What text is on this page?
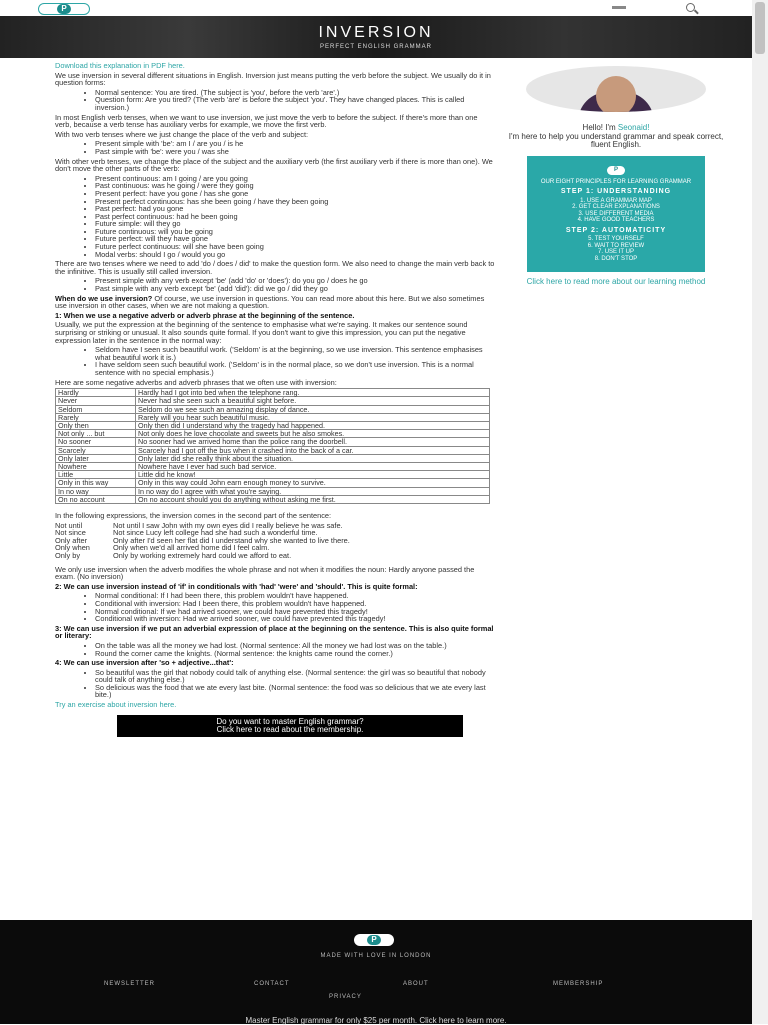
P
INVERSION
PERFECT ENGLISH GRAMMAR

Download this explanation in PDF here.

We use inversion in several different situations in English. Inversion just means putting the verb before the subject. We usually do it in question forms:

• Normal sentence: You are tired. (The subject is 'you', before the verb 'are'.)
• Question form: Are you tired? (The verb 'are' is before the subject 'you'. They have changed places. This is called inversion.)

In most English verb tenses, when we want to use inversion, we just move the verb to before the subject. If there's more than one verb, because a verb tense has auxiliary verbs for example, we move the first verb.

With two verb tenses where we just change the place of the verb and subject:

• Present simple with 'be': am I / are you / is he
• Past simple with 'be': were you / was she

With other verb tenses, we change the place of the subject and the auxiliary verb (the first auxiliary verb if there is more than one). We don't move the other parts of the verb:

• Present continuous: am I going / are you going
• Past continuous: was he going / were they going
• Present perfect: have you gone / has she gone
• Present perfect continuous: has she been going / have they been going
• Past perfect: had you gone
• Past perfect continuous: had he been going
• Future simple: will they go
• Future continuous: will you be going
• Future perfect: will they have gone
• Future perfect continuous: will she have been going
• Modal verbs: should I go / would you go

There are two tenses where we need to add 'do / does / did' to make the question form. We also need to change the main verb back to the infinitive. This is usually still called inversion.

• Present simple with any verb except 'be' (add 'do' or 'does'): do you go / does he go
• Past simple with any verb except 'be' (add 'did'): did we go / did they go

When do we use inversion? Of course, we use inversion in questions. You can read more about this here. But we also sometimes use inversion in other cases, when we are not making a question.

1: When we use a negative adverb or adverb phrase at the beginning of the sentence.

Usually, we put the expression at the beginning of the sentence to emphasise what we're saying. It makes our sentence sound surprising or striking or unusual. It also sounds quite formal. If you don't want to give this impression, you can put the negative expression later in the sentence in the normal way:

• Seldom have I seen such beautiful work. ('Seldom' is at the beginning, so we use inversion. This sentence emphasises what beautiful work it is.)
• I have seldom seen such beautiful work. ('Seldom' is in the normal place, so we don't use inversion. This is a normal sentence with no special emphasis.)

Here are some negative adverbs and adverb phrases that we often use with inversion:

Hardly	Hardly had I got into bed when the telephone rang.
Never	Never had she seen such a beautiful sight before.
Seldom	Seldom do we see such an amazing display of dance.
Rarely	Rarely will you hear such beautiful music.
Only then	Only then did I understand why the tragedy had happened.
Not only ... but	Not only does he love chocolate and sweets but he also smokes.
No sooner	No sooner had we arrived home than the police rang the doorbell.
Scarcely	Scarcely had I got off the bus when it crashed into the back of a car.
Only later	Only later did she really think about the situation.
Nowhere	Nowhere have I ever had such bad service.
Little	Little did he know!
Only in this way	Only in this way could John earn enough money to survive.
In no way	In no way do I agree with what you're saying.
On no account	On no account should you do anything without asking me first.

In the following expressions, the inversion comes in the second part of the sentence:

Not until	Not until I saw John with my own eyes did I really believe he was safe.
Not since	Not since Lucy left college had she had such a wonderful time.
Only after	Only after I'd seen her flat did I understand why she wanted to live there.
Only when	Only when we'd all arrived home did I feel calm.
Only by	Only by working extremely hard could we afford to eat.

We only use inversion when the adverb modifies the whole phrase and not when it modifies the noun: Hardly anyone passed the exam. (No inversion)

2: We can use inversion instead of 'if' in conditionals with 'had' 'were' and 'should'. This is quite formal:

• Normal conditional: If I had been there, this problem wouldn't have happened.
• Conditional with inversion: Had I been there, this problem wouldn't have happened.
• Normal conditional: If we had arrived sooner, we could have prevented this tragedy!
• Conditional with inversion: Had we arrived sooner, we could have prevented this tragedy!

3: We can use inversion if we put an adverbial expression of place at the beginning on the sentence. This is also quite formal or literary:

• On the table was all the money we had lost. (Normal sentence: All the money we had lost was on the table.)
• Round the corner came the knights. (Normal sentence: the knights came round the corner.)

4: We can use inversion after 'so + adjective...that':

• So beautiful was the girl that nobody could talk of anything else. (Normal sentence: the girl was so beautiful that nobody could talk of anything else.)
• So delicious was the food that we ate every last bite. (Normal sentence: the food was so delicious that we ate every last bite.)

Try an exercise about inversion here.

Do you want to master English grammar?
Click here to read about the membership.
Hello! I'm Seonaid!
I'm here to help you understand grammar and speak correct, fluent English.
P
OUR EIGHT PRINCIPLES FOR LEARNING GRAMMAR
STEP 1: UNDERSTANDING
1. USE A GRAMMAR MAP
2. GET CLEAR EXPLANATIONS
3. USE DIFFERENT MEDIA
4. HAVE GOOD TEACHERS
STEP 2: AUTOMATICITY
5. TEST YOURSELF
6. WAIT TO REVIEW
7. USE IT UP
8. DON'T STOP
Click here to read more about our learning method
P
MADE WITH LOVE IN LONDON
NEWSLETTER	CONTACT	ABOUT	MEMBERSHIP
PRIVACY
Master English grammar for only $25 per month. Click here to learn more.
